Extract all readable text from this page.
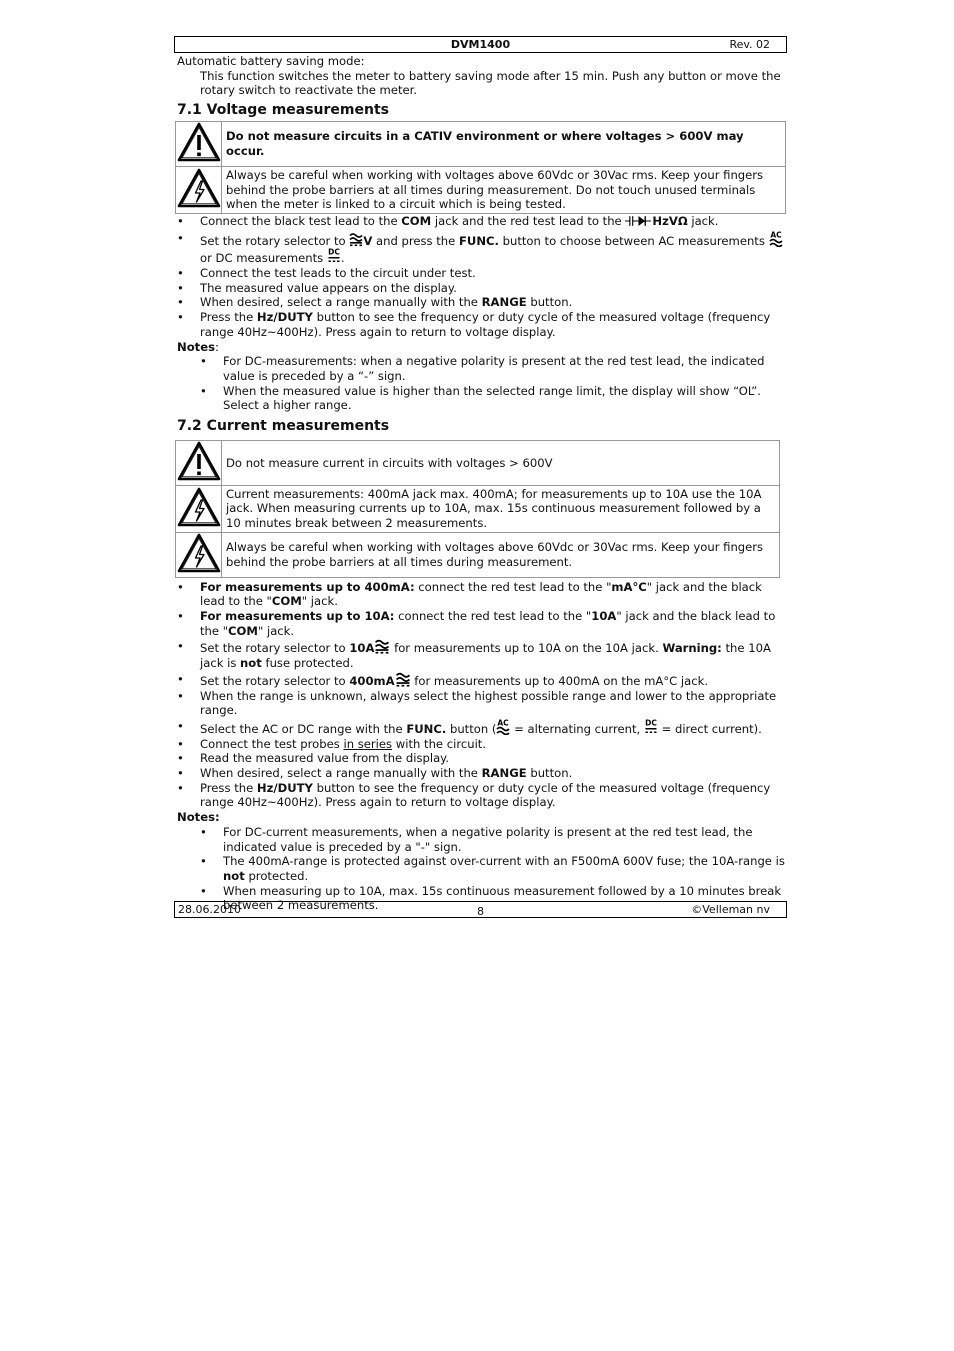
DVM1400	Rev. 02

Automatic battery saving mode:

This function switches the meter to battery saving mode after 15 min. Push any button or move the rotary switch to reactivate the meter.

7.1 Voltage measurements
	Do not measure circuits in a CATIV environment or where voltages > 600V may occur.
	Always be careful when working with voltages above 60Vdc or 30Vac rms. Keep your fingers behind the probe barriers at all times during measurement. Do not touch unused terminals when the meter is linked to a circuit which is being tested.
• Connect the black test lead to the COM jack and the red test lead to the HzVΩ jack.
• Set the rotary selector to V and press the FUNC. button to choose between AC measurements  or DC measurements .
• Connect the test leads to the circuit under test.
• The measured value appears on the display.
• When desired, select a range manually with the RANGE button.
• Press the Hz/DUTY button to see the frequency or duty cycle of the measured voltage (frequency range 40Hz~400Hz). Press again to return to voltage display.

Notes:

• For DC-measurements: when a negative polarity is present at the red test lead, the indicated value is preceded by a “-” sign.
• When the measured value is higher than the selected range limit, the display will show “OL”. Select a higher range.
7.2 Current measurements
	Do not measure current in circuits with voltages > 600V
	Current measurements: 400mA jack max. 400mA; for measurements up to 10A use the 10A jack. When measuring currents up to 10A, max. 15s continuous measurement followed by a 10 minutes break between 2 measurements.
	Always be careful when working with voltages above 60Vdc or 30Vac rms. Keep your fingers behind the probe barriers at all times during measurement.
• For measurements up to 400mA: connect the red test lead to the "mA°C" jack and the black lead to the "COM" jack.
• For measurements up to 10A: connect the red test lead to the "10A" jack and the black lead to the "COM" jack.
• Set the rotary selector to 10A for measurements up to 10A on the 10A jack. Warning: the 10A jack is not fuse protected.
• Set the rotary selector to 400mA for measurements up to 400mA on the mA°C jack.
• When the range is unknown, always select the highest possible range and lower to the appropriate range.
• Select the AC or DC range with the FUNC. button ( = alternating current,  = direct current).
• Connect the test probes in series with the circuit.
• Read the measured value from the display.
• When desired, select a range manually with the RANGE button.
• Press the Hz/DUTY button to see the frequency or duty cycle of the measured voltage (frequency range 40Hz~400Hz). Press again to return to voltage display.

Notes:

• For DC-current measurements, when a negative polarity is present at the red test lead, the indicated value is preceded by a "-" sign.
• The 400mA-range is protected against over-current with an F500mA 600V fuse; the 10A-range is not protected.
• When measuring up to 10A, max. 15s continuous measurement followed by a 10 minutes break between 2 measurements.
28.06.2010	8	©Velleman nv
